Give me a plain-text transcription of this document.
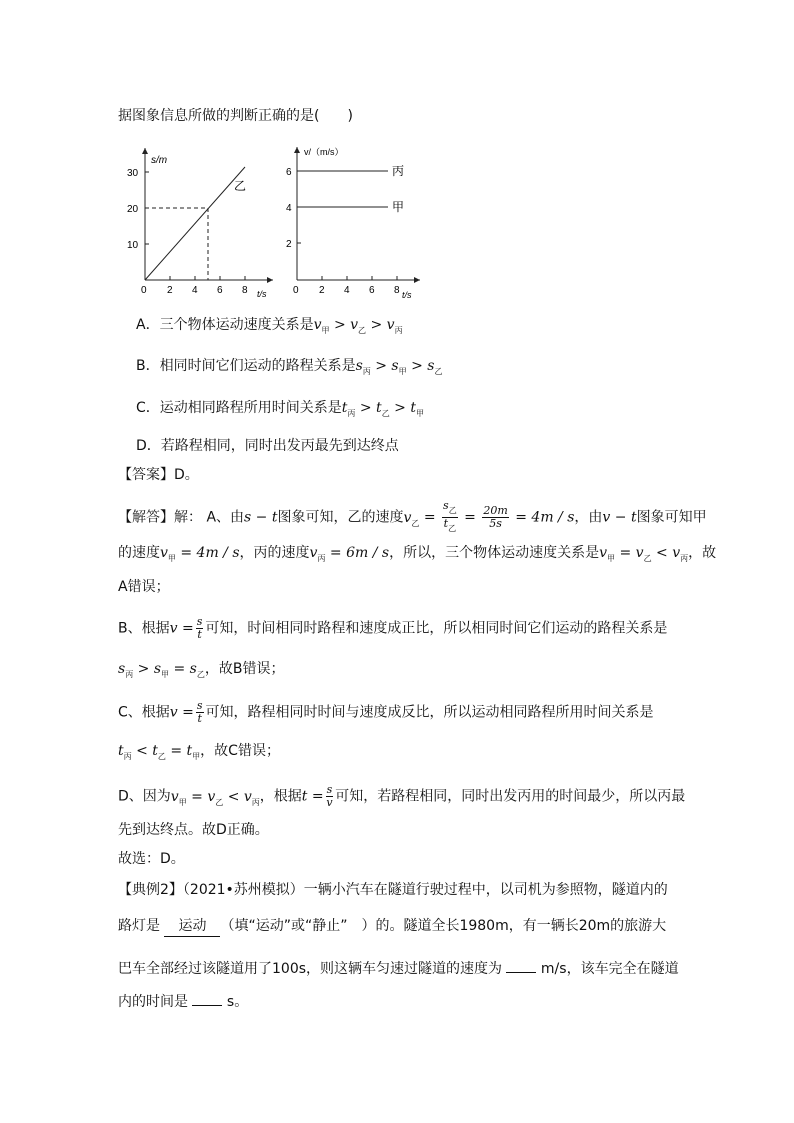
据图象信息所做的判断正确的是(　　)
s/m
t/s
30
20
10
0 2 4 6 8
乙
v/（m/s）
t/s
6
4
2
0 2 4 6 8
丙
甲
A．三个物体运动速度关系是$v_甲 > v_乙 > v_丙$
B．相同时间它们运动的路程关系是$s_丙 > s_甲 > s_乙$
C．运动相同路程所用时间关系是$t_丙 > t_乙 > t_甲$
D．若路程相同，同时出发丙最先到达终点
【答案】D。
【解答】解： A、由s − t图象可知，乙的速度$v_乙 = \frac{s_乙}{t_乙} = \frac{20m}{5s} = 4m / s$，由v − t图象可知甲
的速度$v_甲 = 4m / s$，丙的速度$v_丙 = 6m / s$，所以，三个物体运动速度关系是$v_甲 = v_乙 < v_丙$，故
A错误；
B、根据$v = \frac{s}{t}$ 可知，时间相同时路程和速度成正比，所以相同时间它们运动的路程关系是
$s_丙 > s_甲 = s_乙$，故B错误；
C、根据$v = \frac{s}{t}$ 可知，路程相同时时间与速度成反比，所以运动相同路程所用时间关系是
$t_丙 < t_乙 = t_甲$，故C错误；
D、因为$v_甲 = v_乙 < v_丙$，根据$t = \frac{s}{v}$ 可知，若路程相同，同时出发丙用的时间最少，所以丙最
先到达终点。故D正确。
故选：D。
【典例2】（2021•苏州模拟）一辆小汽车在隧道行驶过程中，以司机为参照物，隧道内的
路灯是 运动 （填“运动”或“静止”　）的。隧道全长1980m，有一辆长20m的旅游大
巴车全部经过该隧道用了100s，则这辆车匀速过隧道的速度为	m/s，该车完全在隧道
内的时间是	s。
